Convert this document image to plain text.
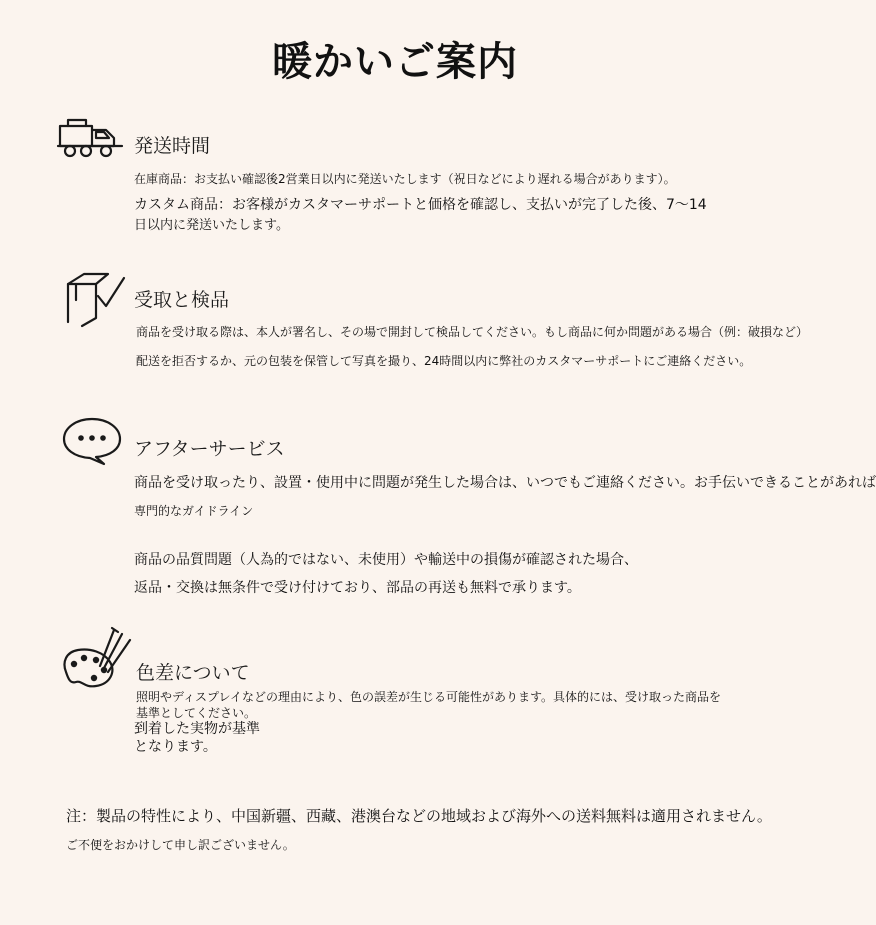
暖かいご案内
発送時間
在庫商品：お支払い確認後2営業日以内に発送いたします（祝日などにより遅れる場合があります）。
カスタム商品：お客様がカスタマーサポートと価格を確認し、支払いが完了した後、7〜14
日以内に発送いたします。
受取と検品
商品を受け取る際は、本人が署名し、その場で開封して検品してください。もし商品に何か問題がある場合（例：破損など）
配送を拒否するか、元の包装を保管して写真を撮り、24時間以内に弊社のカスタマーサポートにご連絡ください。
アフターサービス
商品を受け取ったり、設置・使用中に問題が発生した場合は、いつでもご連絡ください。お手伝いできることがあれば
専門的なガイドライン
商品の品質問題（人為的ではない、未使用）や輸送中の損傷が確認された場合、
返品・交換は無条件で受け付けており、部品の再送も無料で承ります。
色差について
照明やディスプレイなどの理由により、色の誤差が生じる可能性があります。具体的には、受け取った商品を
基準としてください。
到着した実物が基準
となります。
注：製品の特性により、中国新疆、西藏、港澳台などの地域および海外への送料無料は適用されません。
ご不便をおかけして申し訳ございません。
